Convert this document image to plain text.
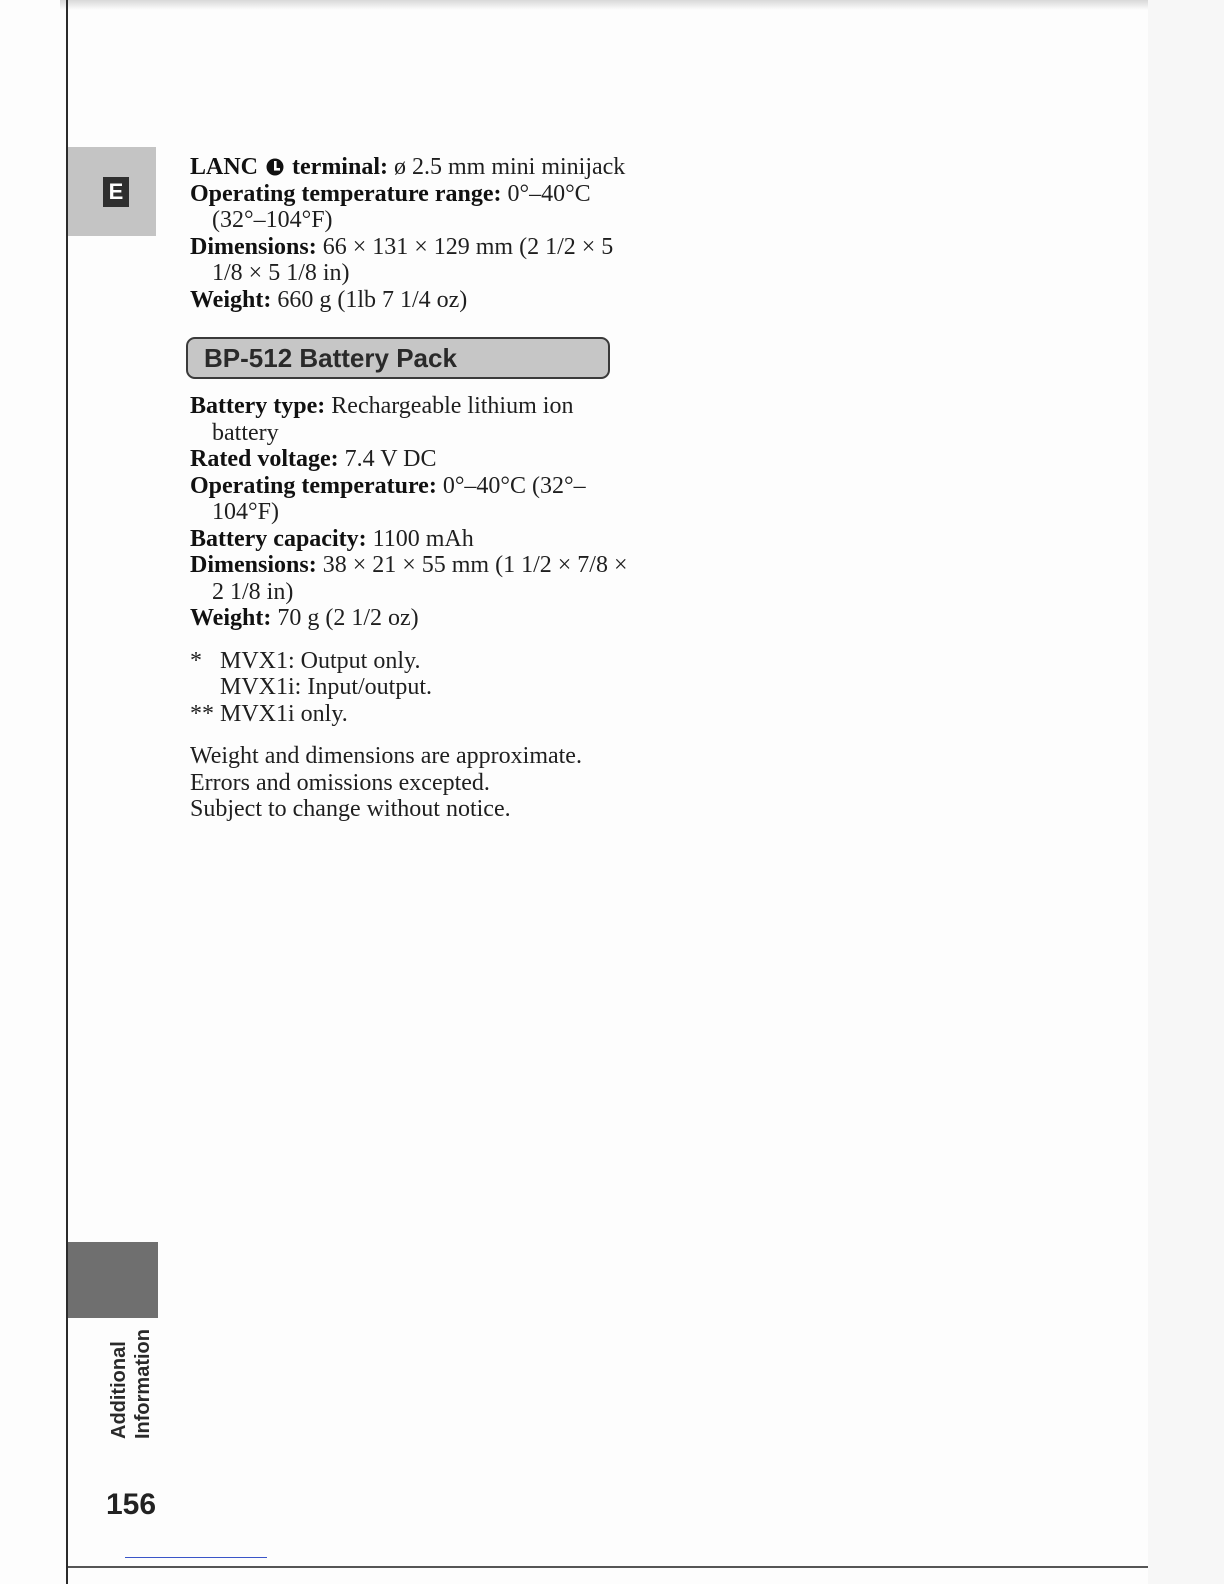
E

LANC  terminal: ø 2.5 mm mini minijack

Operating temperature range: 0°–40°C (32°–104°F)

Dimensions: 66 × 131 × 129 mm (2 1/2 × 5 1/8 × 5 1/8 in)

Weight: 660 g (1lb 7 1/4 oz)

BP-512 Battery Pack

Battery type: Rechargeable lithium ion battery

Rated voltage: 7.4 V DC

Operating temperature: 0°–40°C (32°–104°F)

Battery capacity: 1100 mAh

Dimensions: 38 × 21 × 55 mm (1 1/2 × 7/8 × 2 1/8 in)

Weight: 70 g (2 1/2 oz)

* MVX1: Output only.
MVX1i: Input/output.
** MVX1i only.
Weight and dimensions are approximate.
Errors and omissions excepted.
Subject to change without notice.
Additional Information
156
